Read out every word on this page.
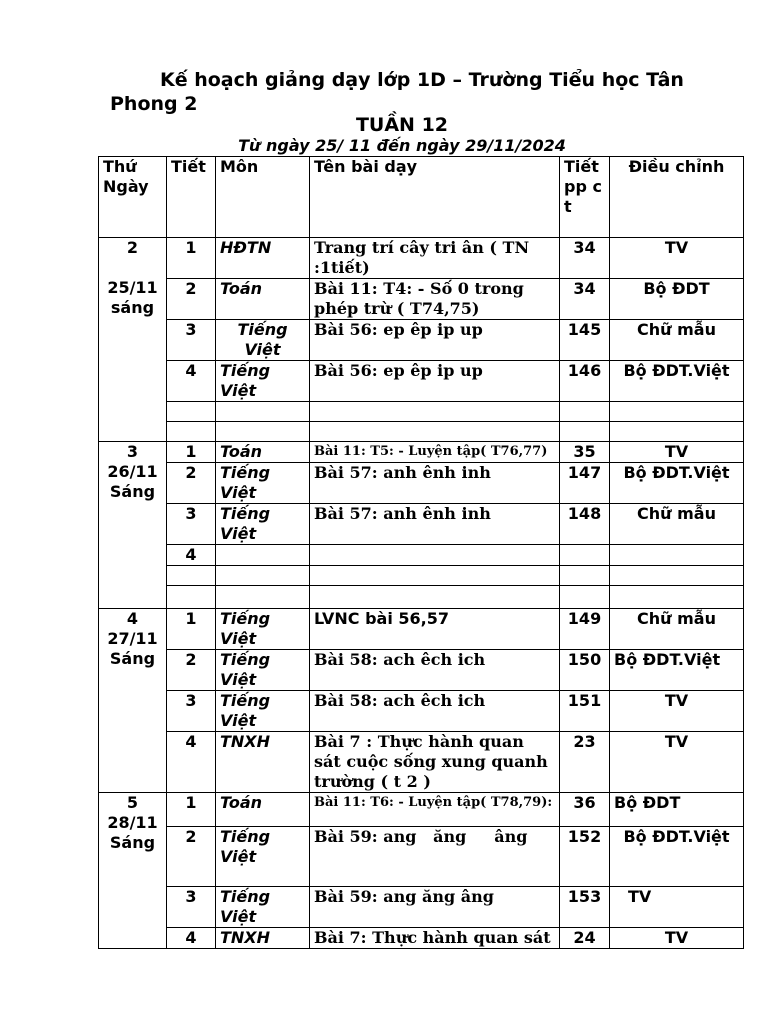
Kế hoạch giảng dạy lớp 1D – Trường Tiểu học Tân Phong 2

TUẦN 12

Từ ngày 25/ 11 đến ngày 29/11/2024

Thứ Ngày	Tiết	Môn	Tên bài dạy	Tiết pp ct	Điều chỉnh
2

25/11
sáng	1	HĐTN	Trang trí cây tri ân ( TN :1tiết)	34	TV
	2	Toán	Bài 11: T4: - Số 0 trong phép trừ ( T74,75)	34	Bộ ĐDT
	3	Tiếng Việt	Bài 56: ep êp ip up	145	Chữ mẫu
	4	Tiếng Việt	Bài 56: ep êp ip up	146	Bộ ĐDT.Việt

3
26/11
Sáng	1	Toán	Bài 11: T5: - Luyện tập( T76,77)	35	TV
	2	Tiếng Việt	Bài 57: anh ênh inh	147	Bộ ĐDT.Việt
	3	Tiếng Việt	Bài 57: anh ênh inh	148	Chữ mẫu
	4				

4
27/11
Sáng	1	Tiếng Việt	LVNC bài 56,57	149	Chữ mẫu
	2	Tiếng Việt	Bài 58: ach êch ich	150	Bộ ĐDT.Việt
	3	Tiếng Việt	Bài 58: ach êch ich	151	TV
	4	TNXH	Bài 7 : Thực hành quan sát cuộc sống xung quanh trường ( t 2 )	23	TV
5
28/11
Sáng	1	Toán	Bài 11: T6: - Luyện tập( T78,79):	36	Bộ ĐDT
	2	Tiếng Việt	Bài 59: ang   ăng     âng	152	Bộ ĐDT.Việt
	3	Tiếng Việt	Bài 59: ang ăng âng	153	TV
	4	TNXH	Bài 7: Thực hành quan sát	24	TV
